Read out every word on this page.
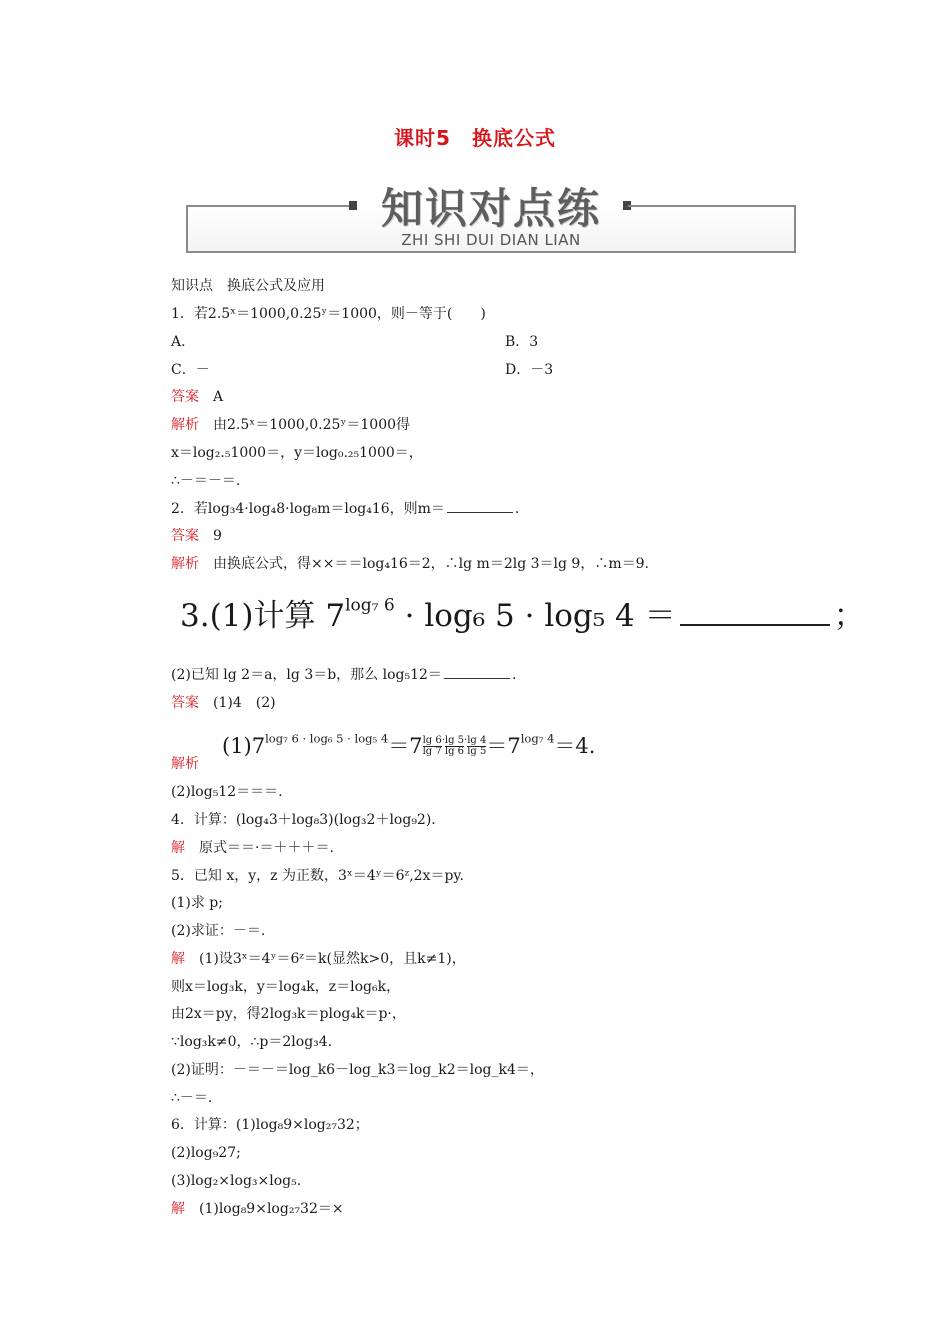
课时5　换底公式
知识对点练
ZHI SHI DUI DIAN LIAN
知识点　换底公式及应用
1．若2.5ˣ＝1000,0.25ʸ＝1000，则－等于(　　)
A.	B．3
C．－	D．－3
答案 A
解析 由2.5ˣ＝1000,0.25ʸ＝1000得
x＝log₂.₅1000＝，y＝log₀.₂₅1000＝，
∴－＝－＝.
2．若log₃4·log₄8·log₈m＝log₄16，则m＝	.
答案 9
解析 由换底公式，得××＝＝log₄16＝2，∴lg m＝2lg 3＝lg 9，∴m＝9.
3.(1)计算 $7^{log_7 6} \cdot \log_6$ 5 · log₅ 4 ＝	；
(2)已知 lg 2＝a，lg 3＝b，那么 log₅12＝	.
答案 (1)4　(2)
解析
$(1)7^{log_7 6 \cdot log_6 5 \cdot log_5 4}=7 \frac{\lg 6}{\lg 7} ^\cdot \frac{\lg 5}{\lg 6} ^\cdot \frac{\lg 4}{\lg 5} =7^{log_7 4}=4$.
(2)log₅12＝＝＝.
4．计算：(log₄3＋log₈3)(log₃2＋log₉2).
解 原式＝＝·＝＋＋＋＝.
5．已知 x，y，z 为正数，3ˣ＝4ʸ＝6ᶻ,2x＝py.
(1)求 p;
(2)求证：－＝.
解 (1)设3ˣ＝4ʸ＝6ᶻ＝k(显然k>0，且k≠1)，
则x＝log₃k，y＝log₄k，z＝log₆k，
由2x＝py，得2log₃k＝plog₄k＝p·，
∵log₃k≠0，∴p＝2log₃4.
(2)证明：－＝－＝log_k6－log_k3＝log_k2＝log_k4＝，
∴－＝.
6．计算：(1)log₈9×log₂₇32；
(2)log₉27;
(3)log₂×log₃×log₅.
解 (1)log₈9×log₂₇32＝×
